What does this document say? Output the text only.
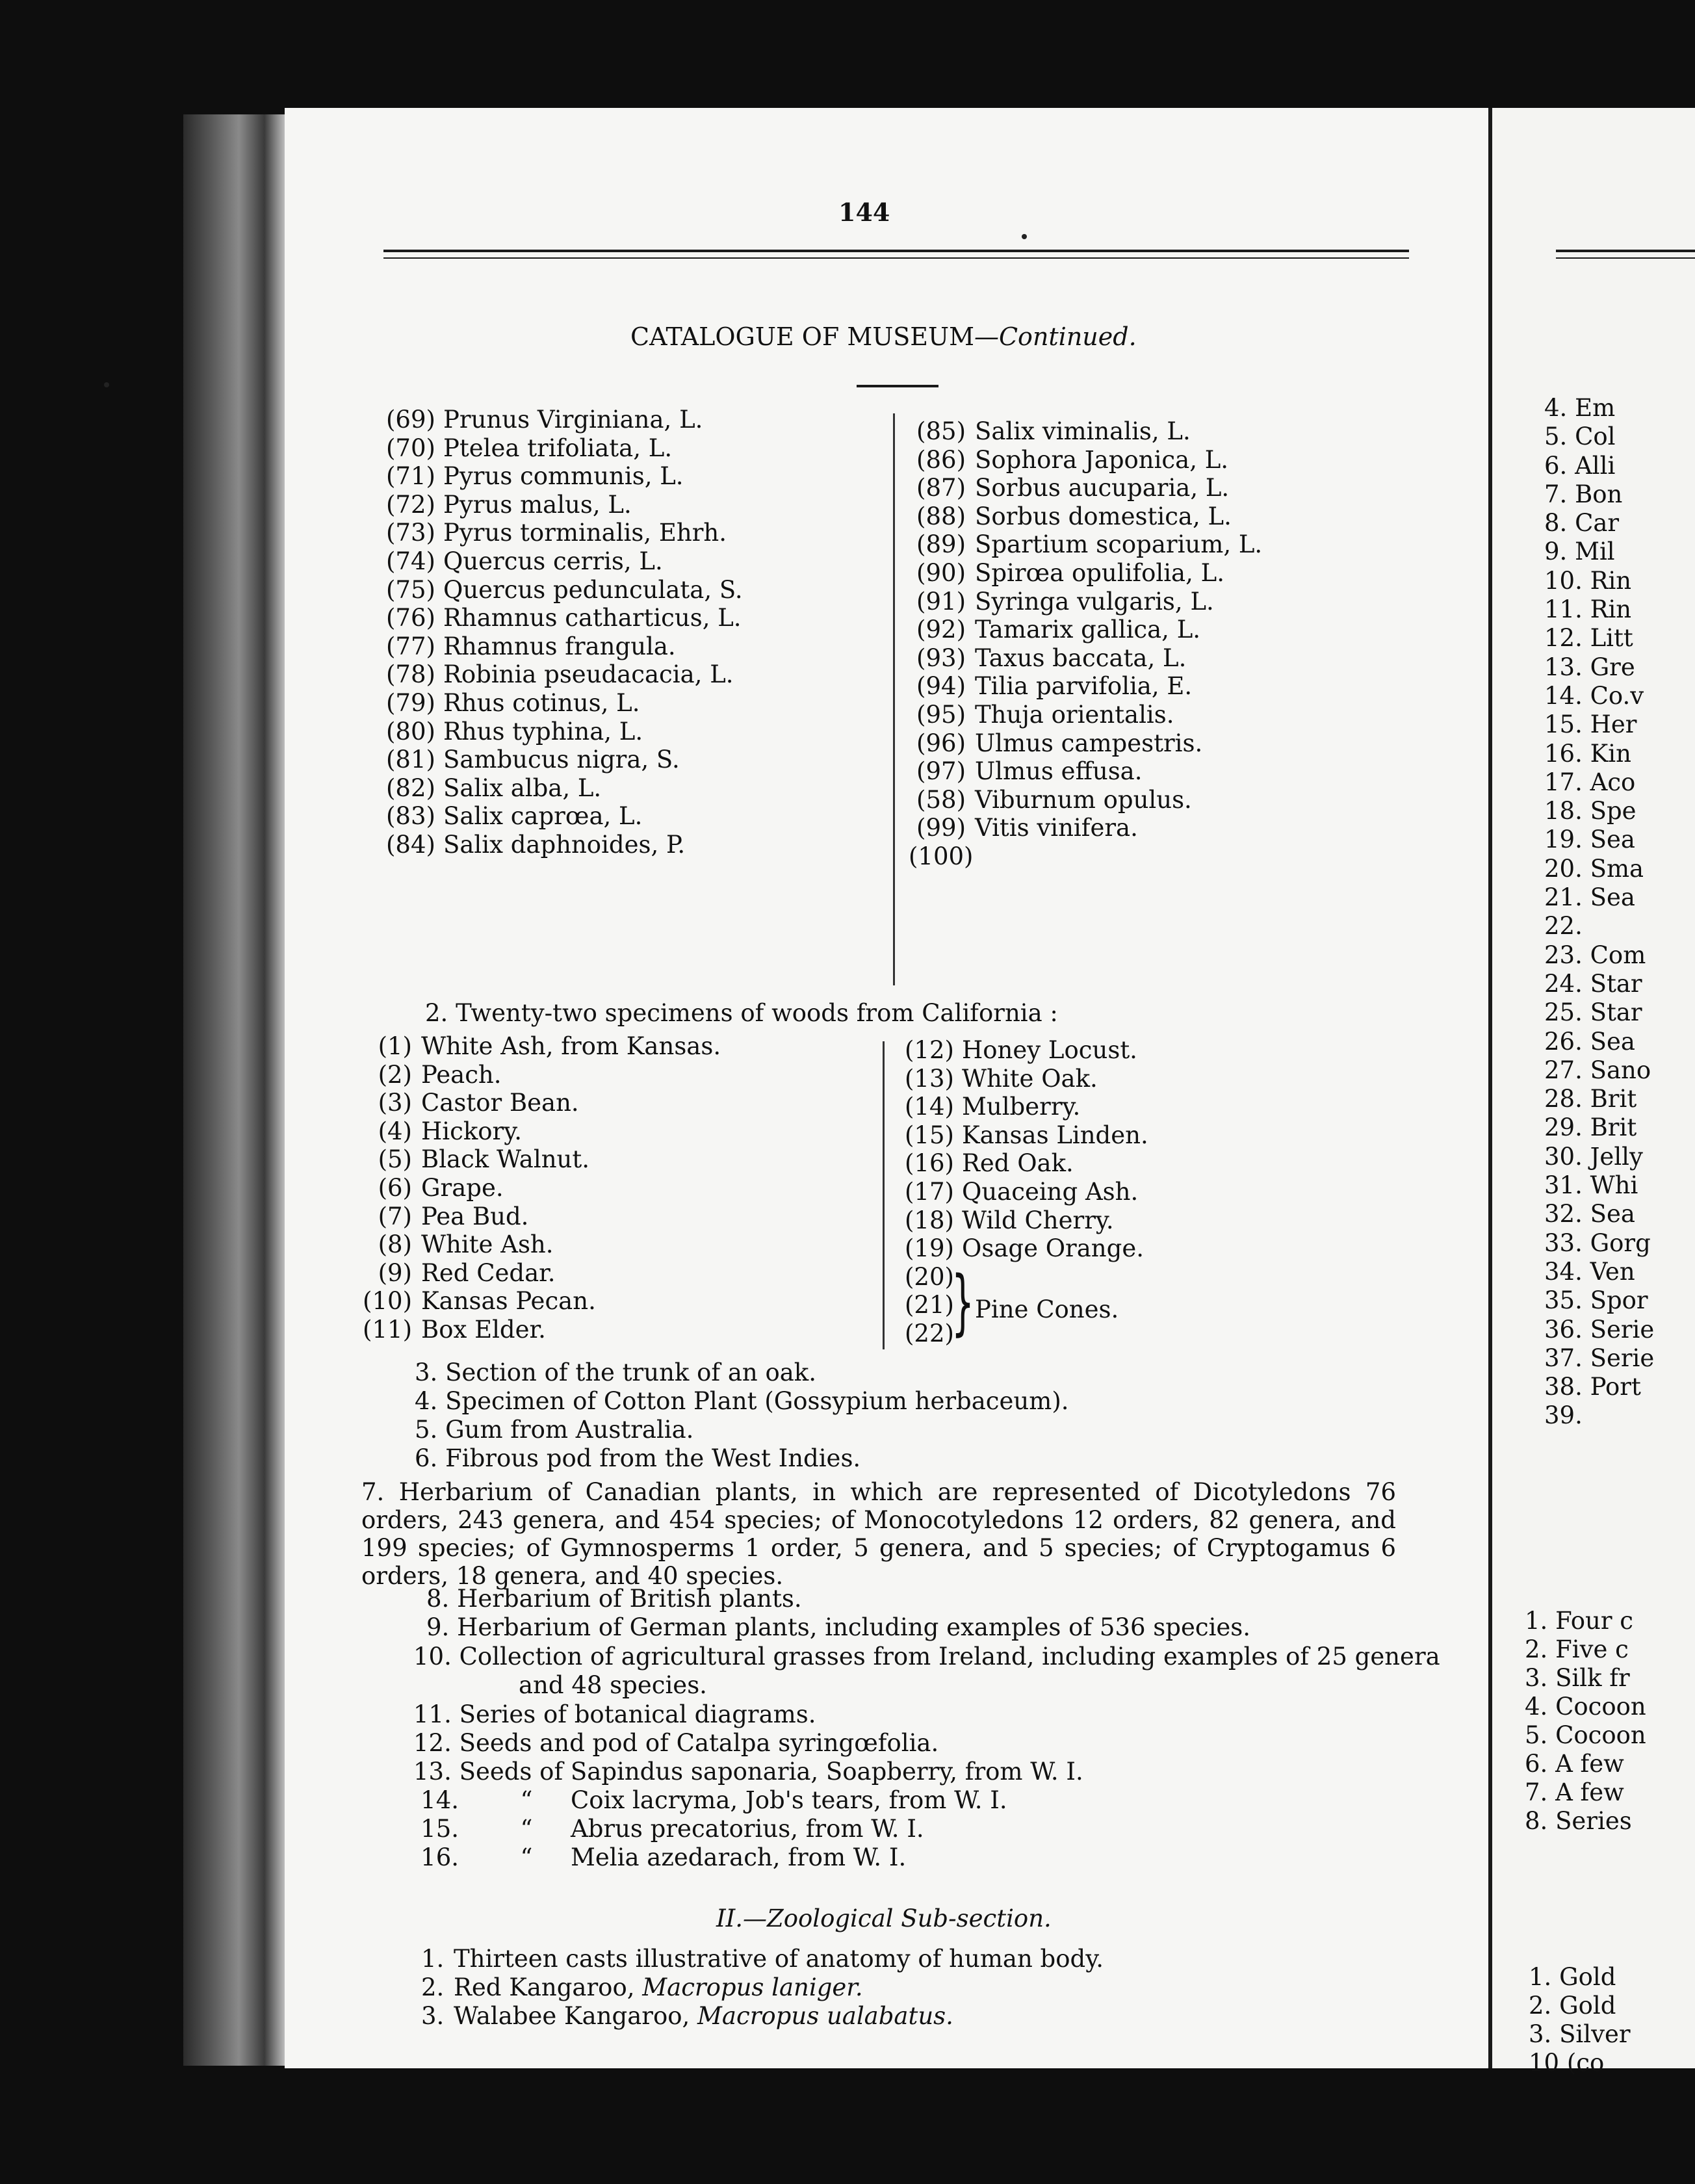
144
CATALOGUE OF MUSEUM—Continued.
(69) Prunus Virginiana, L.
(70) Ptelea trifoliata, L.
(71) Pyrus communis, L.
(72) Pyrus malus, L.
(73) Pyrus torminalis, Ehrh.
(74) Quercus cerris, L.
(75) Quercus pedunculata, S.
(76) Rhamnus catharticus, L.
(77) Rhamnus frangula.
(78) Robinia pseudacacia, L.
(79) Rhus cotinus, L.
(80) Rhus typhina, L.
(81) Sambucus nigra, S.
(82) Salix alba, L.
(83) Salix caprœa, L.
(84) Salix daphnoides, P.
(85) Salix viminalis, L.
(86) Sophora Japonica, L.
(87) Sorbus aucuparia, L.
(88) Sorbus domestica, L.
(89) Spartium scoparium, L.
(90) Spirœa opulifolia, L.
(91) Syringa vulgaris, L.
(92) Tamarix gallica, L.
(93) Taxus baccata, L.
(94) Tilia parvifolia, E.
(95) Thuja orientalis.
(96) Ulmus campestris.
(97) Ulmus effusa.
(58) Viburnum opulus.
(99) Vitis vinifera.
(100)
2. Twenty-two specimens of woods from California :
(1) White Ash, from Kansas.
(2) Peach.
(3) Castor Bean.
(4) Hickory.
(5) Black Walnut.
(6) Grape.
(7) Pea Bud.
(8) White Ash.
(9) Red Cedar.
(10) Kansas Pecan.
(11) Box Elder.
(12) Honey Locust.
(13) White Oak.
(14) Mulberry.
(15) Kansas Linden.
(16) Red Oak.
(17) Quaceing Ash.
(18) Wild Cherry.
(19) Osage Orange.
(20)
(21)
(22)
} Pine Cones.
3. Section of the trunk of an oak.
4. Specimen of Cotton Plant (Gossypium herbaceum).
5. Gum from Australia.
6. Fibrous pod from the West Indies.
7. Herbarium of Canadian plants, in which are represented of Dicotyledons 76 orders, 243 genera, and 454 species; of Monocotyledons 12 orders, 82 genera, and 199 species; of Gymnosperms 1 order, 5 genera, and 5 species; of Cryptogamus 6 orders, 18 genera, and 40 species.
8. Herbarium of British plants.
9. Herbarium of German plants, including examples of 536 species.
10. Collection of agricultural grasses from Ireland, including examples of 25 genera
and 48 species.
11. Series of botanical diagrams.
12. Seeds and pod of Catalpa syringœfolia.
13. Seeds of Sapindus saponaria, Soapberry, from W. I.
14.	“ Coix lacryma, Job's tears, from W. I.
15.	“ Abrus precatorius, from W. I.
16.	“ Melia azedarach, from W. I.
II.—Zoological Sub-section.
1. Thirteen casts illustrative of anatomy of human body.
2. Red Kangaroo, Macropus laniger.
3. Walabee Kangaroo, Macropus ualabatus.
4. Em
5. Col
6. Alli
7. Bon
8. Car
9. Mil
10. Rin
11. Rin
12. Litt
13. Gre
14. Co.v
15. Her
16. Kin
17. Aco
18. Spe
19. Sea
20. Sma
21. Sea
22.
23. Com
24. Star
25. Star
26. Sea
27. Sano
28. Brit
29. Brit
30. Jelly
31. Whi
32. Sea
33. Gorg
34. Ven
35. Spor
36. Serie
37. Serie
38. Port
39.
1. Four c
2. Five c
3. Silk fr
4. Cocoon
5. Cocoon
6. A few
7. A few
8. Series
1. Gold
2. Gold
3. Silver
10 (co
